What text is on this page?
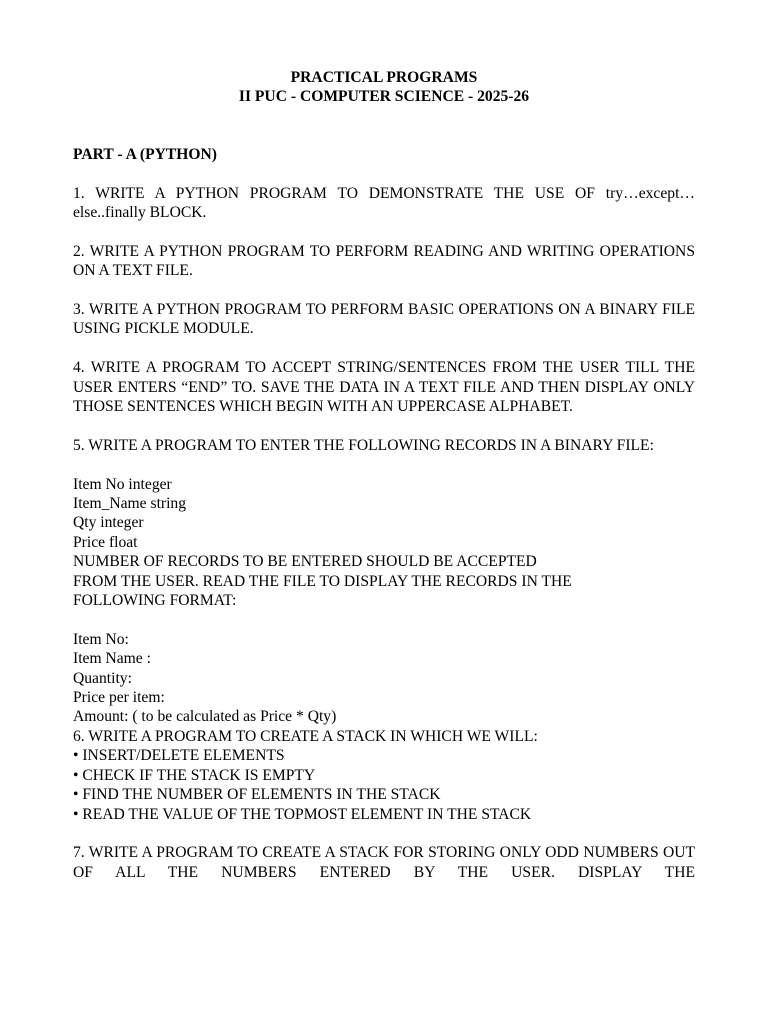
PRACTICAL PROGRAMS

II PUC - COMPUTER SCIENCE - 2025-26

PART - A (PYTHON)

1. WRITE A PYTHON PROGRAM TO DEMONSTRATE THE USE OF try…except… else..finally BLOCK.

2. WRITE A PYTHON PROGRAM TO PERFORM READING AND WRITING OPERATIONS ON A TEXT FILE.

3. WRITE A PYTHON PROGRAM TO PERFORM BASIC OPERATIONS ON A BINARY FILE USING PICKLE MODULE.

4. WRITE A PROGRAM TO ACCEPT STRING/SENTENCES FROM THE USER TILL THE USER ENTERS “END” TO. SAVE THE DATA IN A TEXT FILE AND THEN DISPLAY ONLY THOSE SENTENCES WHICH BEGIN WITH AN UPPERCASE ALPHABET.

5. WRITE A PROGRAM TO ENTER THE FOLLOWING RECORDS IN A BINARY FILE:

Item No integer

Item_Name string

Qty integer

Price float

NUMBER OF RECORDS TO BE ENTERED SHOULD BE ACCEPTED

FROM THE USER. READ THE FILE TO DISPLAY THE RECORDS IN THE

FOLLOWING FORMAT:

Item No:

Item Name :

Quantity:

Price per item:

Amount: ( to be calculated as Price * Qty)

6. WRITE A PROGRAM TO CREATE A STACK IN WHICH WE WILL:

• INSERT/DELETE ELEMENTS
• CHECK IF THE STACK IS EMPTY
• FIND THE NUMBER OF ELEMENTS IN THE STACK
• READ THE VALUE OF THE TOPMOST ELEMENT IN THE STACK

7. WRITE A PROGRAM TO CREATE A STACK FOR STORING ONLY ODD NUMBERS OUT OF ALL THE NUMBERS ENTERED BY THE USER. DISPLAY THE
